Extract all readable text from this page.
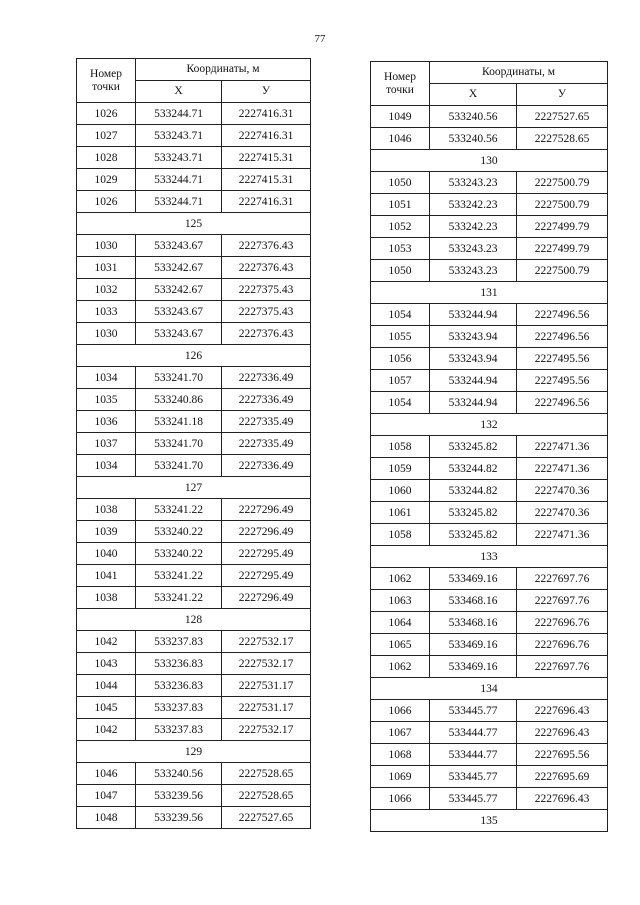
77
Номер точки	Координаты, м	
	X	У
1026	533244.71	2227416.31
1027	533243.71	2227416.31
1028	533243.71	2227415.31
1029	533244.71	2227415.31
1026	533244.71	2227416.31
125		
1030	533243.67	2227376.43
1031	533242.67	2227376.43
1032	533242.67	2227375.43
1033	533243.67	2227375.43
1030	533243.67	2227376.43
126		
1034	533241.70	2227336.49
1035	533240.86	2227336.49
1036	533241.18	2227335.49
1037	533241.70	2227335.49
1034	533241.70	2227336.49
127		
1038	533241.22	2227296.49
1039	533240.22	2227296.49
1040	533240.22	2227295.49
1041	533241.22	2227295.49
1038	533241.22	2227296.49
128		
1042	533237.83	2227532.17
1043	533236.83	2227532.17
1044	533236.83	2227531.17
1045	533237.83	2227531.17
1042	533237.83	2227532.17
129		
1046	533240.56	2227528.65
1047	533239.56	2227528.65
1048	533239.56	2227527.65
Номер точки	Координаты, м	
	X	У
1049	533240.56	2227527.65
1046	533240.56	2227528.65
130		
1050	533243.23	2227500.79
1051	533242.23	2227500.79
1052	533242.23	2227499.79
1053	533243.23	2227499.79
1050	533243.23	2227500.79
131		
1054	533244.94	2227496.56
1055	533243.94	2227496.56
1056	533243.94	2227495.56
1057	533244.94	2227495.56
1054	533244.94	2227496.56
132		
1058	533245.82	2227471.36
1059	533244.82	2227471.36
1060	533244.82	2227470.36
1061	533245.82	2227470.36
1058	533245.82	2227471.36
133		
1062	533469.16	2227697.76
1063	533468.16	2227697.76
1064	533468.16	2227696.76
1065	533469.16	2227696.76
1062	533469.16	2227697.76
134		
1066	533445.77	2227696.43
1067	533444.77	2227696.43
1068	533444.77	2227695.56
1069	533445.77	2227695.69
1066	533445.77	2227696.43
135		
